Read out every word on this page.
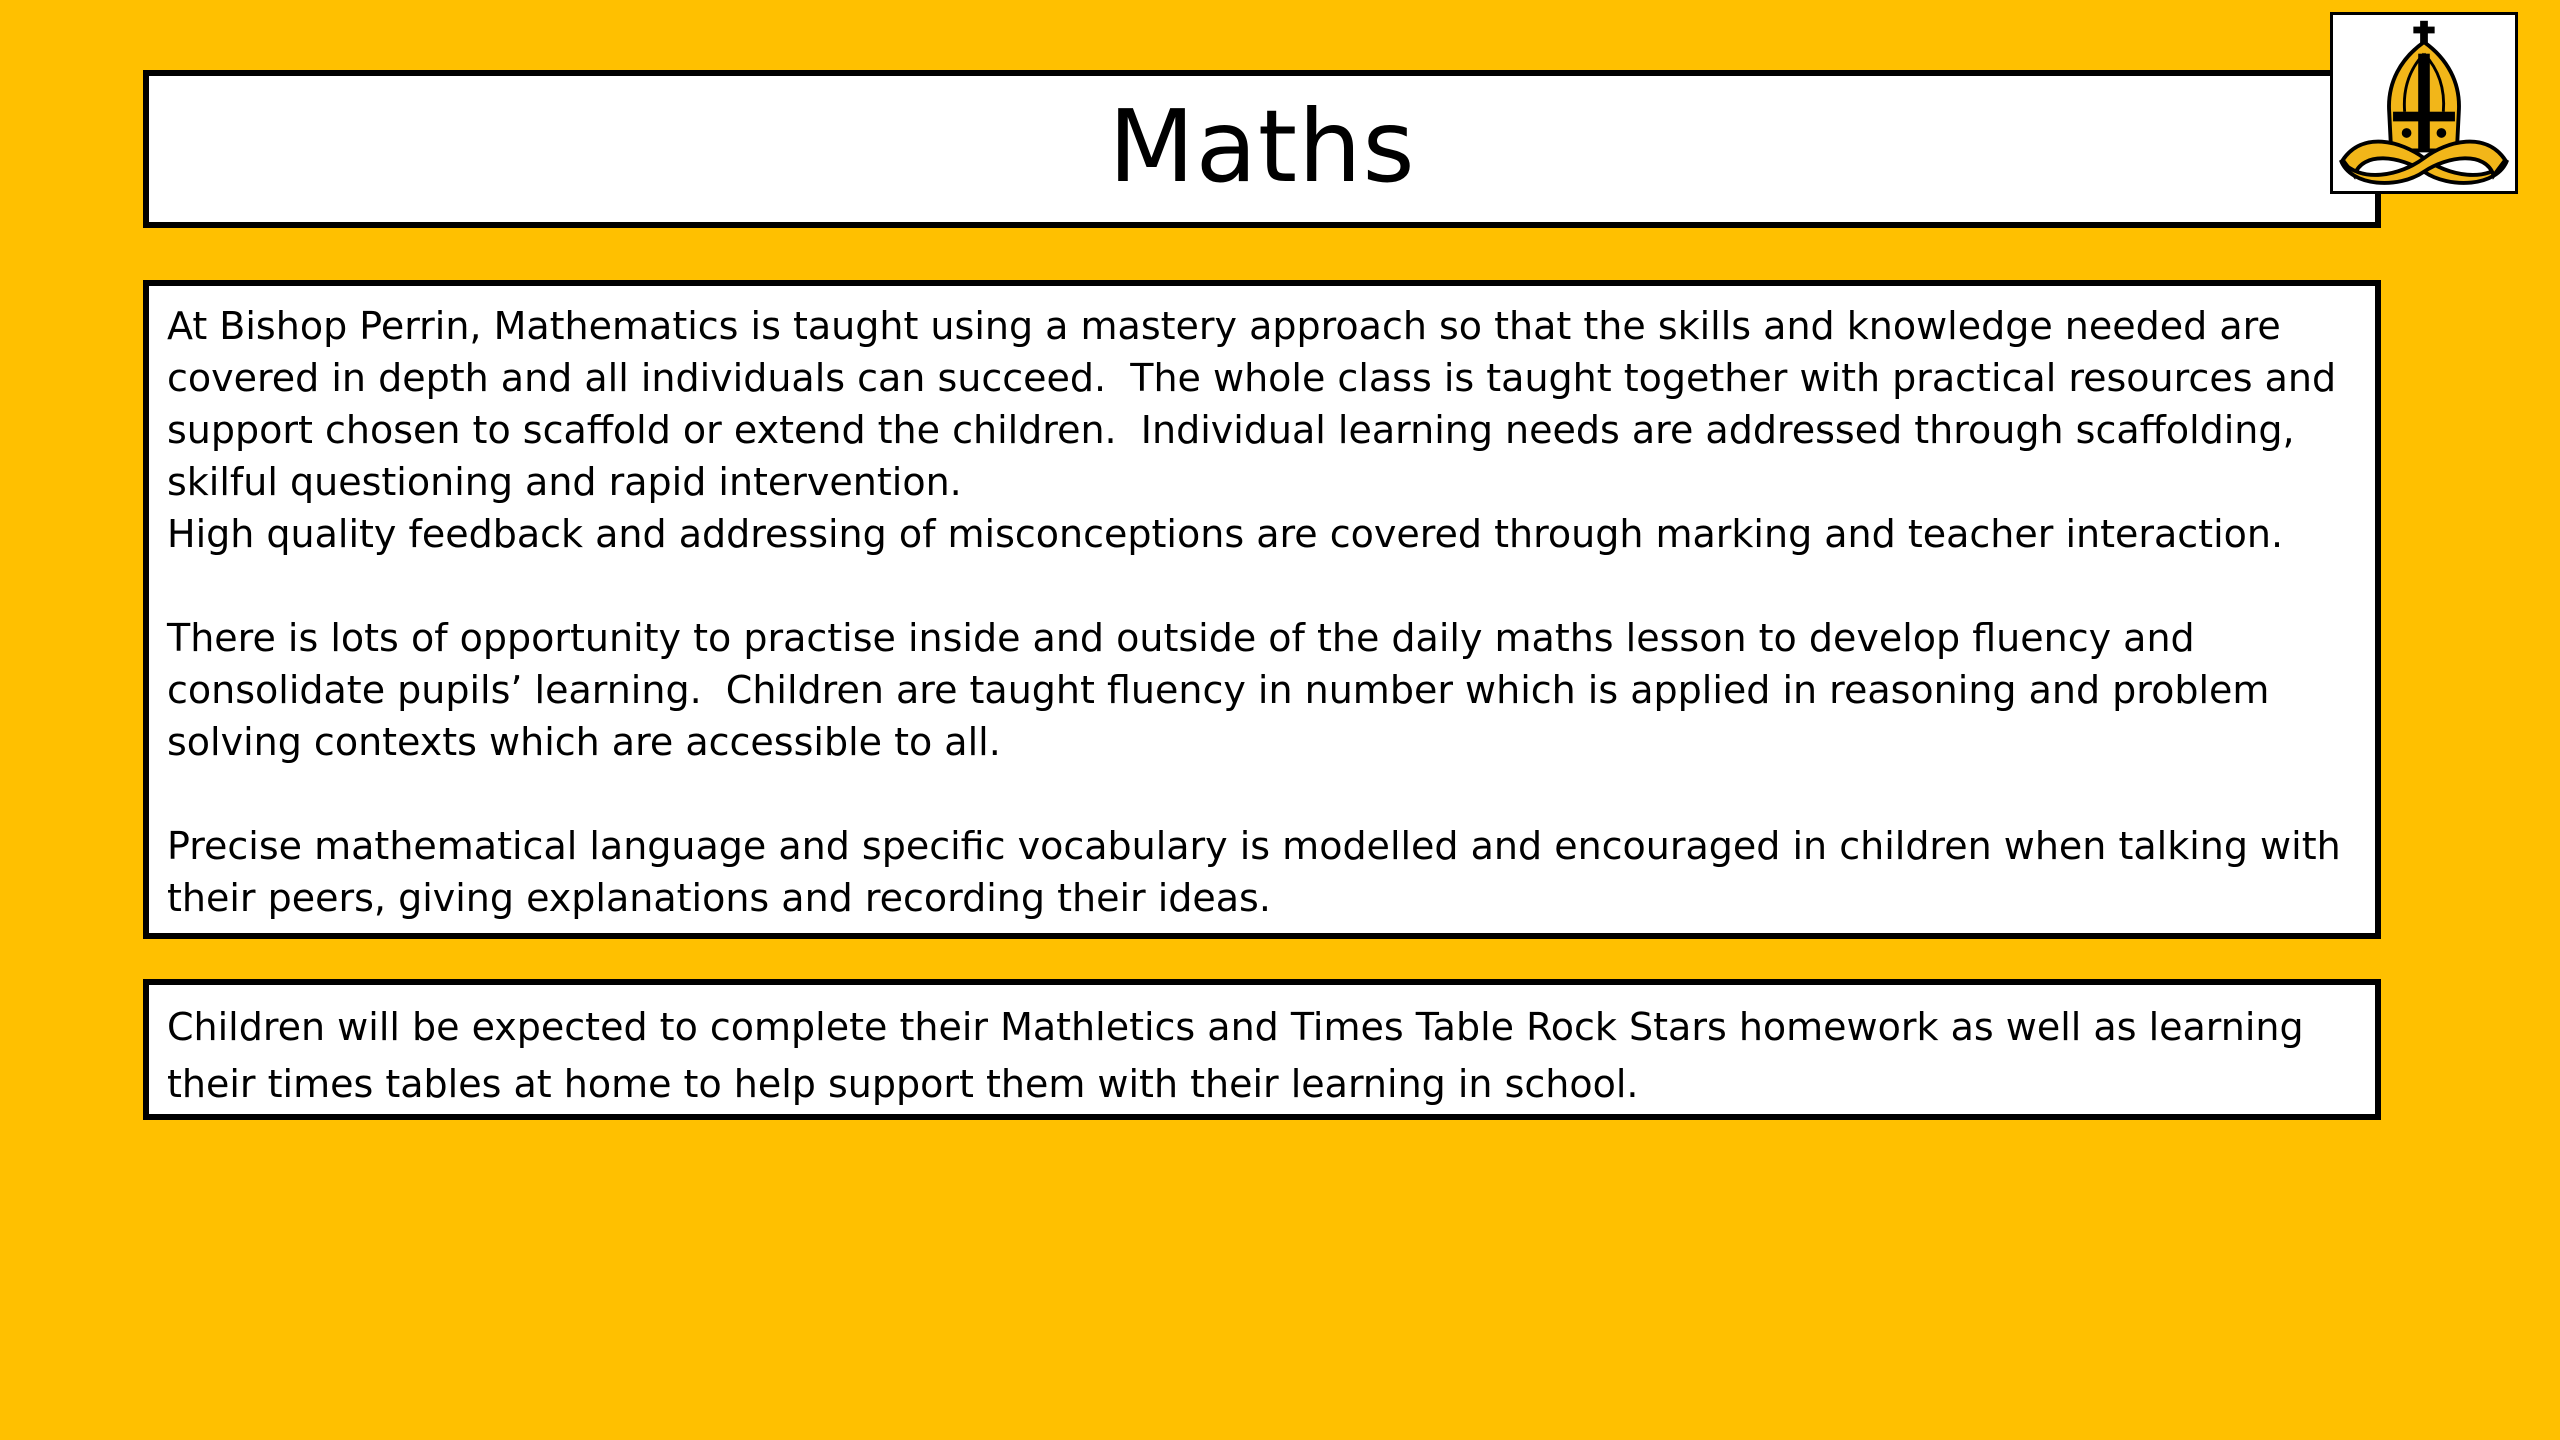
Maths

At Bishop Perrin, Mathematics is taught using a mastery approach so that the skills and knowledge needed are covered in depth and all individuals can succeed.  The whole class is taught together with practical resources and support chosen to scaffold or extend the children.  Individual learning needs are addressed through scaffolding, skilful questioning and rapid intervention.

High quality feedback and addressing of misconceptions are covered through marking and teacher interaction.

There is lots of opportunity to practise inside and outside of the daily maths lesson to develop fluency and consolidate pupils’ learning.  Children are taught fluency in number which is applied in reasoning and problem solving contexts which are accessible to all.

Precise mathematical language and specific vocabulary is modelled and encouraged in children when talking with their peers, giving explanations and recording their ideas.

Children will be expected to complete their Mathletics and Times Table Rock Stars homework as well as learning their times tables at home to help support them with their learning in school.
